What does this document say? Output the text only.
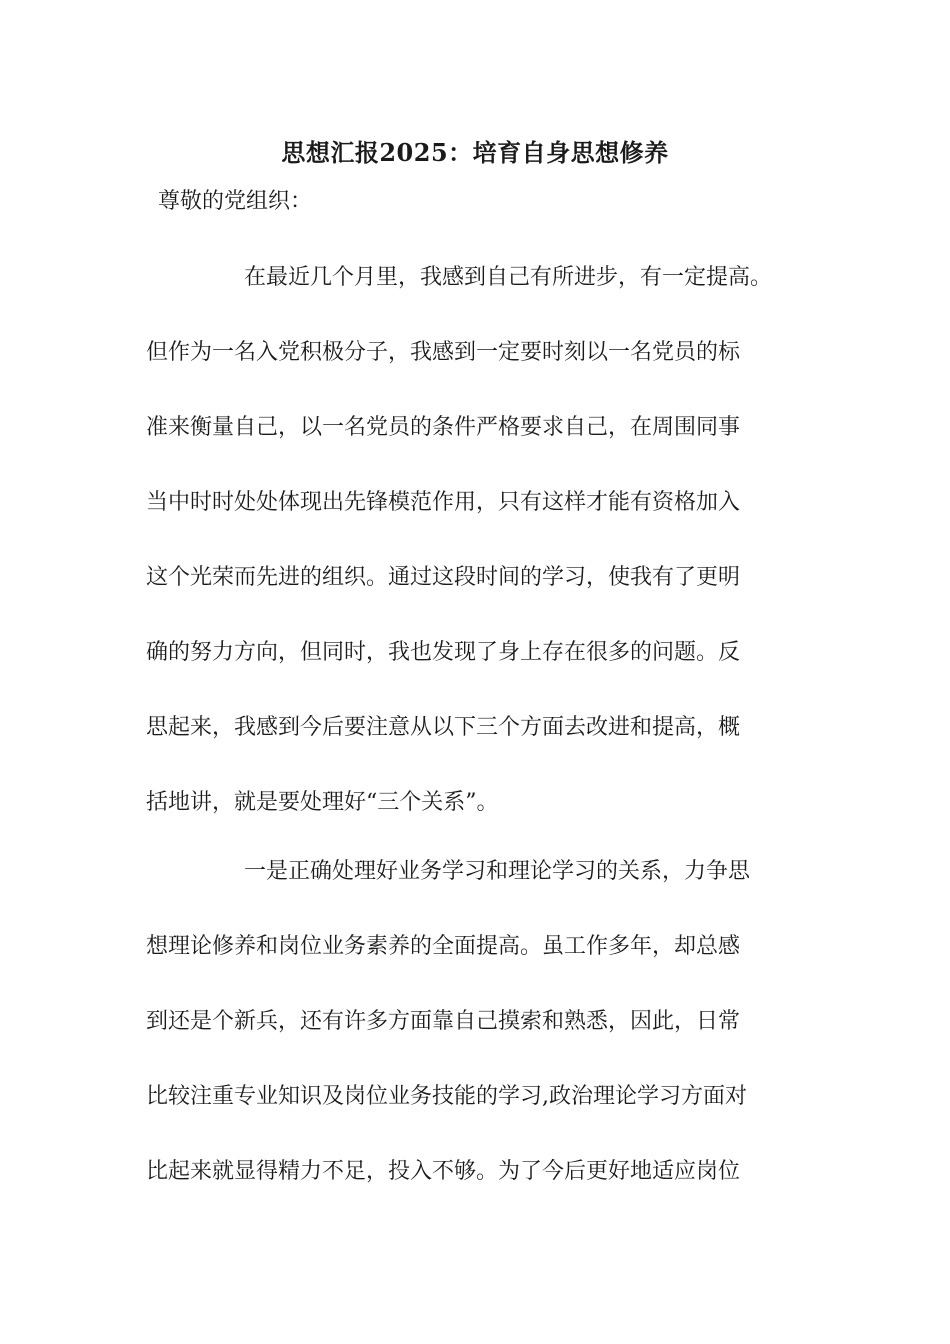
思想汇报2025：培育自身思想修养

尊敬的党组织：

在最近几个月里，我感到自己有所进步，有一定提高。
但作为一名入党积极分子，我感到一定要时刻以一名党员的标
准来衡量自己，以一名党员的条件严格要求自己，在周围同事
当中时时处处体现出先锋模范作用，只有这样才能有资格加入
这个光荣而先进的组织。通过这段时间的学习，使我有了更明
确的努力方向，但同时，我也发现了身上存在很多的问题。反
思起来，我感到今后要注意从以下三个方面去改进和提高，概
括地讲，就是要处理好“三个关系”。
一是正确处理好业务学习和理论学习的关系，力争思
想理论修养和岗位业务素养的全面提高。虽工作多年，却总感
到还是个新兵，还有许多方面靠自己摸索和熟悉，因此，日常
比较注重专业知识及岗位业务技能的学习,政治理论学习方面对
比起来就显得精力不足，投入不够。为了今后更好地适应岗位
